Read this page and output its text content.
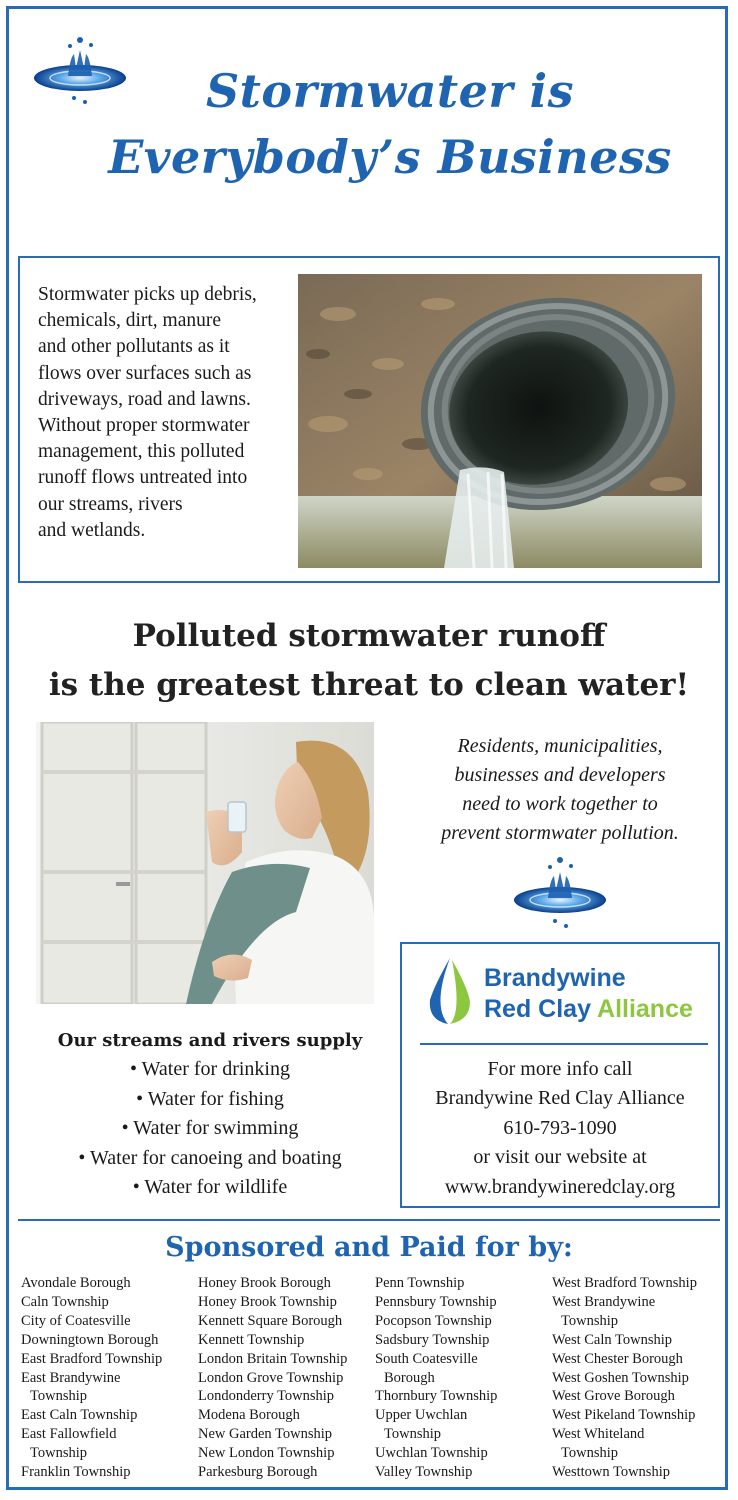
Stormwater is
Everybody’s Business
Stormwater picks up debris,
chemicals, dirt, manure
and other pollutants as it
flows over surfaces such as
driveways, road and lawns.
Without proper stormwater
management, this polluted
runoff flows untreated into
our streams, rivers
and wetlands.
Polluted stormwater runoff
is the greatest threat to clean water!
Residents, municipalities,
businesses and developers
need to work together to
prevent stormwater pollution.
Brandywine
Red Clay Alliance
For more info call
Brandywine Red Clay Alliance
610-793-1090
or visit our website at
www.brandywineredclay.org
Our streams and rivers supply
• Water for drinking
• Water for fishing
• Water for swimming
• Water for canoeing and boating
• Water for wildlife
Sponsored and Paid for by:
Avondale Borough
Caln Township
City of Coatesville
Downingtown Borough
East Bradford Township
East Brandywine
Township
East Caln Township
East Fallowfield
Township
Franklin Township
Honey Brook Borough
Honey Brook Township
Kennett Square Borough
Kennett Township
London Britain Township
London Grove Township
Londonderry Township
Modena Borough
New Garden Township
New London Township
Parkesburg Borough
Penn Township
Pennsbury Township
Pocopson Township
Sadsbury Township
South Coatesville
Borough
Thornbury Township
Upper Uwchlan
Township
Uwchlan Township
Valley Township
West Bradford Township
West Brandywine
Township
West Caln Township
West Chester Borough
West Goshen Township
West Grove Borough
West Pikeland Township
West Whiteland
Township
Westtown Township
